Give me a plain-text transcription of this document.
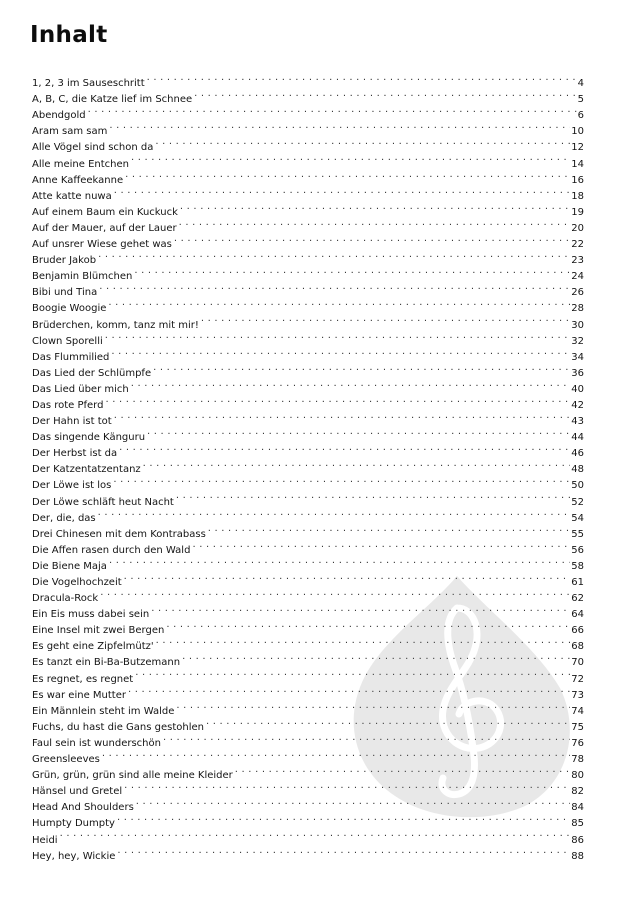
Inhalt
1, 2, 3 im Sauseschritt . . .	4
A, B, C, die Katze lief im Schnee . . .	5
Abendgold . . .	6
Aram sam sam . . .	10
Alle Vögel sind schon da . . .	12
Alle meine Entchen . . .	14
Anne Kaffeekanne . . .	16
Atte katte nuwa . . .	18
Auf einem Baum ein Kuckuck . . .	19
Auf der Mauer, auf der Lauer . . .	20
Auf unsrer Wiese gehet was . . .	22
Bruder Jakob . . .	23
Benjamin Blümchen . . .	24
Bibi und Tina . . .	26
Boogie Woogie . . .	28
Brüderchen, komm, tanz mit mir! . . .	30
Clown Sporelli . . .	32
Das Flummilied . . .	34
Das Lied der Schlümpfe . . .	36
Das Lied über mich . . .	40
Das rote Pferd . . .	42
Der Hahn ist tot . . .	43
Das singende Känguru . . .	44
Der Herbst ist da . . .	46
Der Katzentatzentanz . . .	48
Der Löwe ist los . . .	50
Der Löwe schläft heut Nacht . . .	52
Der, die, das . . .	54
Drei Chinesen mit dem Kontrabass . . .	55
Die Affen rasen durch den Wald . . .	56
Die Biene Maja . . .	58
Die Vogelhochzeit . . .	61
Dracula-Rock . . .	62
Ein Eis muss dabei sein . . .	64
Eine Insel mit zwei Bergen . . .	66
Es geht eine Zipfelmütz' . . .	68
Es tanzt ein Bi-Ba-Butzemann . . .	70
Es regnet, es regnet . . .	72
Es war eine Mutter . . .	73
Ein Männlein steht im Walde . . .	74
Fuchs, du hast die Gans gestohlen . . .	75
Faul sein ist wunderschön . . .	76
Greensleeves . . .	78
Grün, grün, grün sind alle meine Kleider . . .	80
Hänsel und Gretel . . .	82
Head And Shoulders . . .	84
Humpty Dumpty . . .	85
Heidi . . .	86
Hey, hey, Wickie . . .	88
